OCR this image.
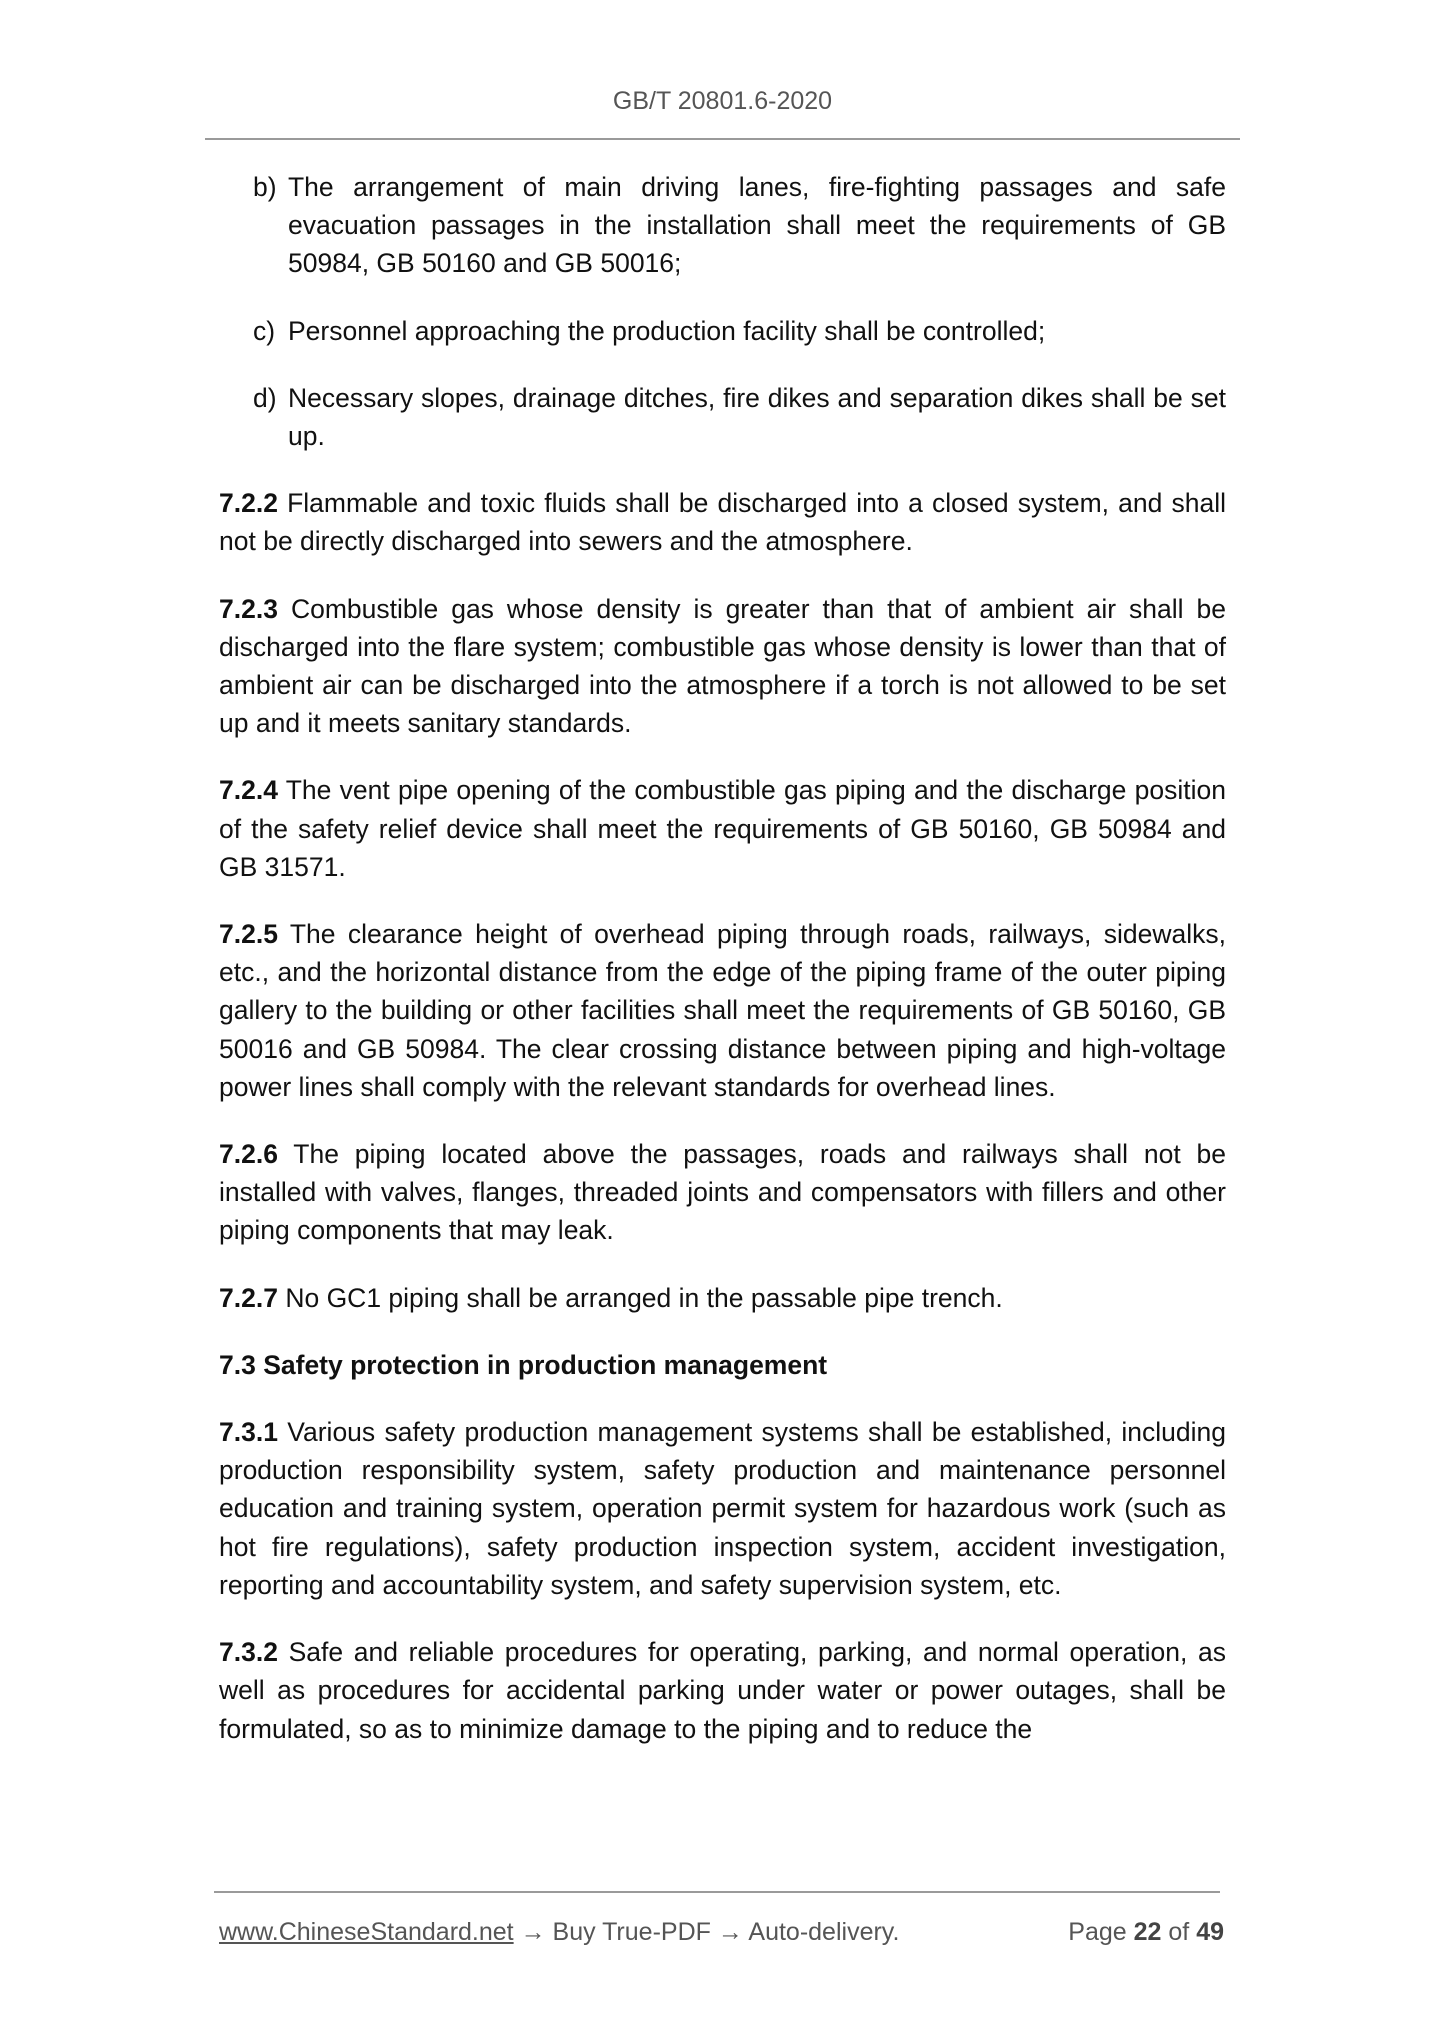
GB/T 20801.6-2020

b) The arrangement of main driving lanes, fire-fighting passages and safe evacuation passages in the installation shall meet the requirements of GB 50984, GB 50160 and GB 50016;

c) Personnel approaching the production facility shall be controlled;

d) Necessary slopes, drainage ditches, fire dikes and separation dikes shall be set up.

7.2.2 Flammable and toxic fluids shall be discharged into a closed system, and shall not be directly discharged into sewers and the atmosphere.

7.2.3 Combustible gas whose density is greater than that of ambient air shall be discharged into the flare system; combustible gas whose density is lower than that of ambient air can be discharged into the atmosphere if a torch is not allowed to be set up and it meets sanitary standards.

7.2.4 The vent pipe opening of the combustible gas piping and the discharge position of the safety relief device shall meet the requirements of GB 50160, GB 50984 and GB 31571.

7.2.5 The clearance height of overhead piping through roads, railways, sidewalks, etc., and the horizontal distance from the edge of the piping frame of the outer piping gallery to the building or other facilities shall meet the requirements of GB 50160, GB 50016 and GB 50984. The clear crossing distance between piping and high-voltage power lines shall comply with the relevant standards for overhead lines.

7.2.6 The piping located above the passages, roads and railways shall not be installed with valves, flanges, threaded joints and compensators with fillers and other piping components that may leak.

7.2.7 No GC1 piping shall be arranged in the passable pipe trench.

7.3 Safety protection in production management

7.3.1 Various safety production management systems shall be established, including production responsibility system, safety production and maintenance personnel education and training system, operation permit system for hazardous work (such as hot fire regulations), safety production inspection system, accident investigation, reporting and accountability system, and safety supervision system, etc.

7.3.2 Safe and reliable procedures for operating, parking, and normal operation, as well as procedures for accidental parking under water or power outages, shall be formulated, so as to minimize damage to the piping and to reduce the

www.ChineseStandard.net → Buy True-PDF → Auto-delivery.	Page 22 of 49
